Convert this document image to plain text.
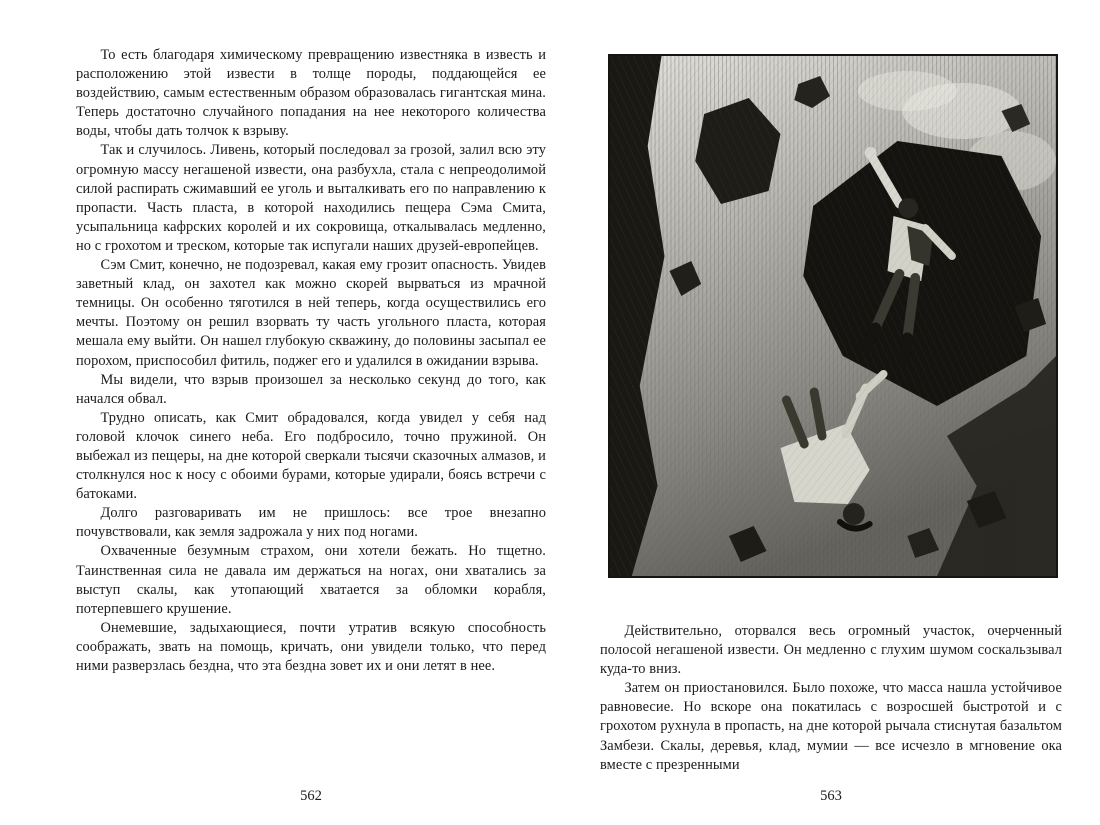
То есть благодаря химическому превращению известняка в известь и расположению этой извести в толще породы, поддающейся ее воздействию, самым естественным образом образовалась гигантская мина. Теперь достаточно случайного попадания на нее некоторого количества воды, чтобы дать толчок к взрыву.

Так и случилось. Ливень, который последовал за грозой, залил всю эту огромную массу негашеной извести, она разбухла, стала с непреодолимой силой распирать сжимавший ее уголь и выталкивать его по направлению к пропасти. Часть пласта, в которой находились пещера Сэма Смита, усыпальница кафрских королей и их сокровища, откалывалась медленно, но с грохотом и треском, которые так испугали наших друзей-европейцев.

Сэм Смит, конечно, не подозревал, какая ему грозит опасность. Увидев заветный клад, он захотел как можно скорей вырваться из мрачной темницы. Он особенно тяготился в ней теперь, когда осуществились его мечты. Поэтому он решил взорвать ту часть угольного пласта, которая мешала ему выйти. Он нашел глубокую скважину, до половины засыпал ее порохом, приспособил фитиль, поджег его и удалился в ожидании взрыва.

Мы видели, что взрыв произошел за несколько секунд до того, как начался обвал.

Трудно описать, как Смит обрадовался, когда увидел у себя над головой клочок синего неба. Его подбросило, точно пружиной. Он выбежал из пещеры, на дне которой сверкали тысячи сказочных алмазов, и столкнулся нос к носу с обоими бурами, которые удирали, боясь встречи с батоками.

Долго разговаривать им не пришлось: все трое внезапно почувствовали, как земля задрожала у них под ногами.

Охваченные безумным страхом, они хотели бежать. Но тщетно. Таинственная сила не давала им держаться на ногах, они хватались за выступ скалы, как утопающий хватается за обломки корабля, потерпевшего крушение.

Онемевшие, задыхающиеся, почти утратив всякую способность соображать, звать на помощь, кричать, они увидели только, что перед ними разверзлась бездна, что эта бездна зовет их и они летят в нее.

562

Действительно, оторвался весь огромный участок, очерченный полосой негашеной извести. Он медленно с глухим шумом соскальзывал куда-то вниз.

Затем он приостановился. Было похоже, что масса нашла устойчивое равновесие. Но вскоре она покатилась с возросшей быстротой и с грохотом рухнула в пропасть, на дне которой рычала стиснутая базальтом Замбези. Скалы, деревья, клад, мумии — все исчезло в мгновение ока вместе с презренными

563
